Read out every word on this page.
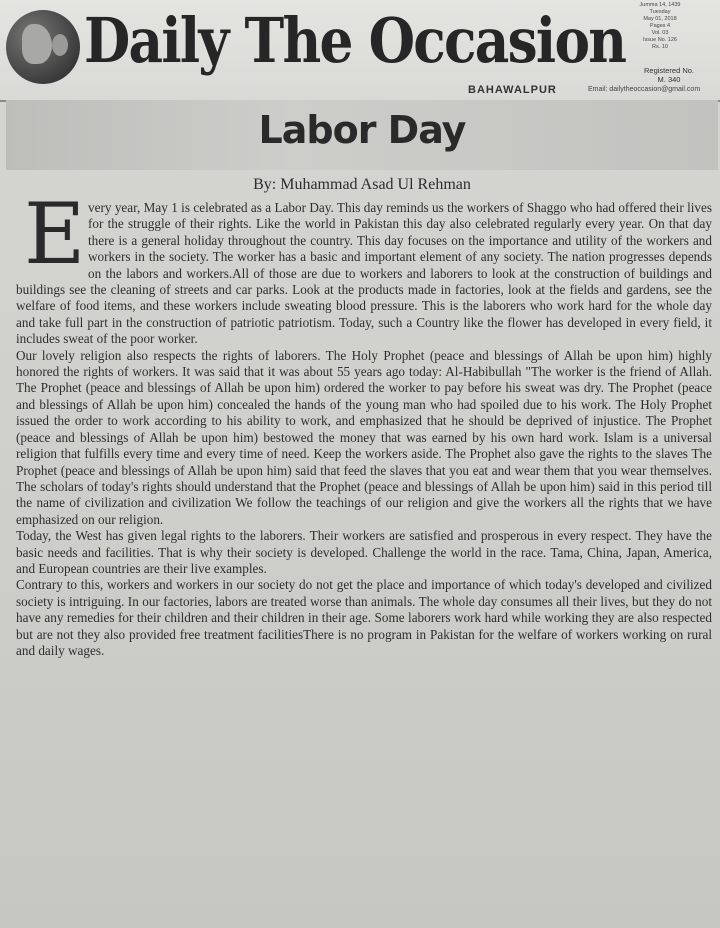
Daily The Occasion	Jumma 14, 1439
Tuesday
May 01, 2018
Pages 4
Vol. 03
Issue No. 126
Rs. 10
Registered No.
M. 340
BAHAWALPUR	Email: dailytheoccasion@gmail.com
Labor Day
By: Muhammad Asad Ul Rehman
E very year, May 1 is celebrated as a Labor Day. This day reminds us the workers of Shaggo who had offered their lives for the struggle of their rights. Like the world in Pakistan this day also celebrated regularly every year. On that day there is a general holiday throughout the country. This day focuses on the importance and utility of the workers and workers in the society. The worker has a basic and important element of any society. The nation progresses depends on the labors and workers.All of those are due to workers and laborers to look at the construction of buildings and buildings see the cleaning of streets and car parks. Look at the products made in factories, look at the fields and gardens, see the welfare of food items, and these workers include sweating blood pressure. This is the laborers who work hard for the whole day and take full part in the construction of patriotic patriotism. Today, such a Country like the flower has developed in every field, it includes sweat of the poor worker.

Our lovely religion also respects the rights of laborers. The Holy Prophet (peace and blessings of Allah be upon him) highly honored the rights of workers. It was said that it was about 55 years ago today: Al-Habibullah "The worker is the friend of Allah. The Prophet (peace and blessings of Allah be upon him) ordered the worker to pay before his sweat was dry. The Prophet (peace and blessings of Allah be upon him) concealed the hands of the young man who had spoiled due to his work. The Holy Prophet issued the order to work according to his ability to work, and emphasized that he should be deprived of injustice. The Prophet (peace and blessings of Allah be upon him) bestowed the money that was earned by his own hard work. Islam is a universal religion that fulfills every time and every time of need. Keep the workers aside. The Prophet also gave the rights to the slaves The Prophet (peace and blessings of Allah be upon him) said that feed the slaves that you eat and wear them that you wear themselves. The scholars of today's rights should understand that the Prophet (peace and blessings of Allah be upon him) said in this period till the name of civilization and civilization We follow the teachings of our religion and give the workers all the rights that we have emphasized on our religion.

Today, the West has given legal rights to the laborers. Their workers are satisfied and prosperous in every respect. They have the basic needs and facilities. That is why their society is developed. Challenge the world in the race. Tama, China, Japan, America, and European countries are their live examples.

Contrary to this, workers and workers in our society do not get the place and importance of which today's developed and civilized society is intriguing. In our factories, labors are treated worse than animals. The whole day consumes all their lives, but they do not have any remedies for their children and their children in their age. Some laborers work hard while working they are also respected but are not they also provided free treatment facilitiesThere is no program in Pakistan for the welfare of workers working on rural and daily wages.
